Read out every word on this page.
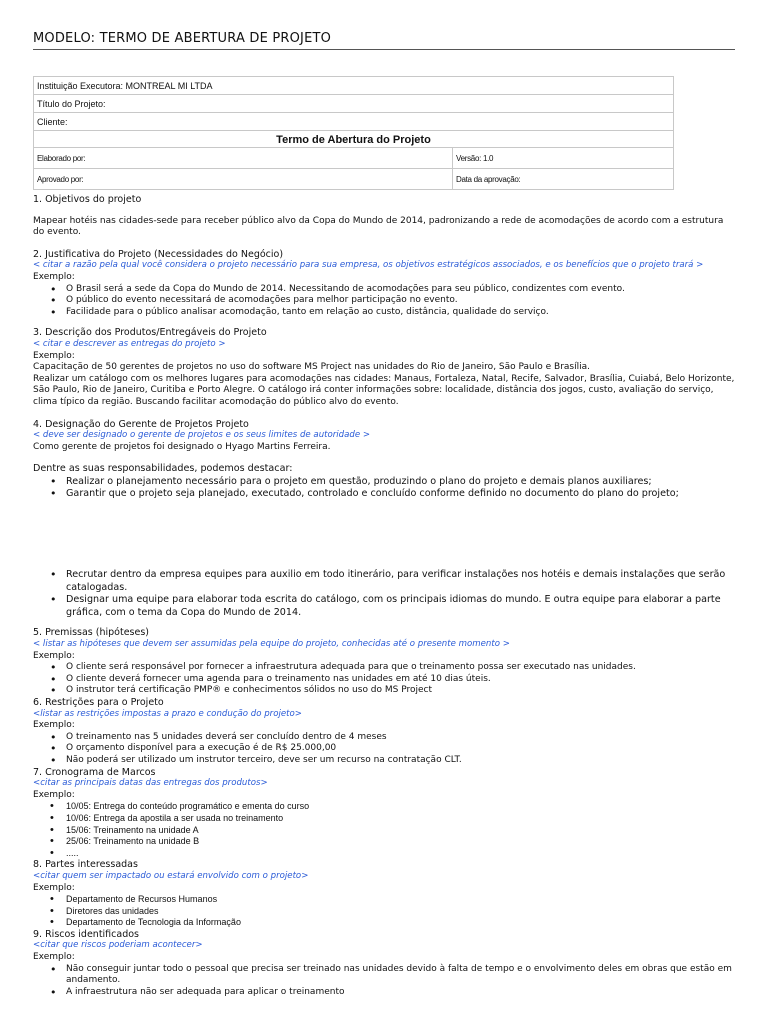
MODELO: TERMO DE ABERTURA DE PROJETO
Instituição Executora: MONTREAL MI LTDA	
Título do Projeto:	
Cliente:	
Termo de Abertura do Projeto	
Elaborado por:	Versão: 1.0
Aprovado por:	Data da aprovação:
1. Objetivos do projeto
Mapear hotéis nas cidades-sede para receber público alvo da Copa do Mundo de 2014, padronizando a rede de acomodações de acordo com a estrutura do evento.
2. Justificativa do Projeto (Necessidades do Negócio)
< citar a razão pela qual você considera o projeto necessário para sua empresa, os objetivos estratégicos associados, e os benefícios que o projeto trará >
Exemplo:
• O Brasil será a sede da Copa do Mundo de 2014. Necessitando de acomodações para seu público, condizentes com evento.
• O público do evento necessitará de acomodações para melhor participação no evento.
• Facilidade para o público analisar acomodação, tanto em relação ao custo, distância, qualidade do serviço.
3. Descrição dos Produtos/Entregáveis do Projeto
< citar e descrever as entregas do projeto >
Exemplo:
Capacitação de 50 gerentes de projetos no uso do software MS Project nas unidades do Rio de Janeiro, São Paulo e Brasília.
Realizar um catálogo com os melhores lugares para acomodações nas cidades: Manaus, Fortaleza, Natal, Recife, Salvador, Brasília, Cuiabá, Belo Horizonte, São Paulo, Rio de Janeiro, Curitiba e Porto Alegre. O catálogo irá conter informações sobre: localidade, distância dos jogos, custo, avaliação do serviço, clima típico da região. Buscando facilitar acomodação do público alvo do evento.
4. Designação do Gerente de Projetos Projeto
< deve ser designado o gerente de projetos e os seus limites de autoridade >
Como gerente de projetos foi designado o Hyago Martins Ferreira.
Dentre as suas responsabilidades, podemos destacar:
• Realizar o planejamento necessário para o projeto em questão, produzindo o plano do projeto e demais planos auxiliares;
• Garantir que o projeto seja planejado, executado, controlado e concluído conforme definido no documento do plano do projeto;
• Recrutar dentro da empresa equipes para auxilio em todo itinerário, para verificar instalações nos hotéis e demais instalações que serão catalogadas.
• Designar uma equipe para elaborar toda escrita do catálogo, com os principais idiomas do mundo. E outra equipe para elaborar a parte gráfica, com o tema da Copa do Mundo de 2014.
5. Premissas (hipóteses)
< listar as hipóteses que devem ser assumidas pela equipe do projeto, conhecidas até o presente momento >
Exemplo:
• O cliente será responsável por fornecer a infraestrutura adequada para que o treinamento possa ser executado nas unidades.
• O cliente deverá fornecer uma agenda para o treinamento nas unidades em até 10 dias úteis.
• O instrutor terá certificação PMP® e conhecimentos sólidos no uso do MS Project
6. Restrições para o Projeto
<listar as restrições impostas a prazo e condução do projeto>
Exemplo:
• O treinamento nas 5 unidades deverá ser concluído dentro de 4 meses
• O orçamento disponível para a execução é de R$ 25.000,00
• Não poderá ser utilizado um instrutor terceiro, deve ser um recurso na contratação CLT.
7. Cronograma de Marcos
<citar as principais datas das entregas dos produtos>
Exemplo:
• 10/05: Entrega do conteúdo programático e ementa do curso
• 10/06: Entrega da apostila a ser usada no treinamento
• 15/06: Treinamento na unidade A
• 25/06: Treinamento na unidade B
• .....
8. Partes interessadas
<citar quem ser impactado ou estará envolvido com o projeto>
Exemplo:
• Departamento de Recursos Humanos
• Diretores das unidades
• Departamento de Tecnologia da Informação
9. Riscos identificados
<citar que riscos poderiam acontecer>
Exemplo:
• Não conseguir juntar todo o pessoal que precisa ser treinado nas unidades devido à falta de tempo e o envolvimento deles em obras que estão em andamento.
• A infraestrutura não ser adequada para aplicar o treinamento
